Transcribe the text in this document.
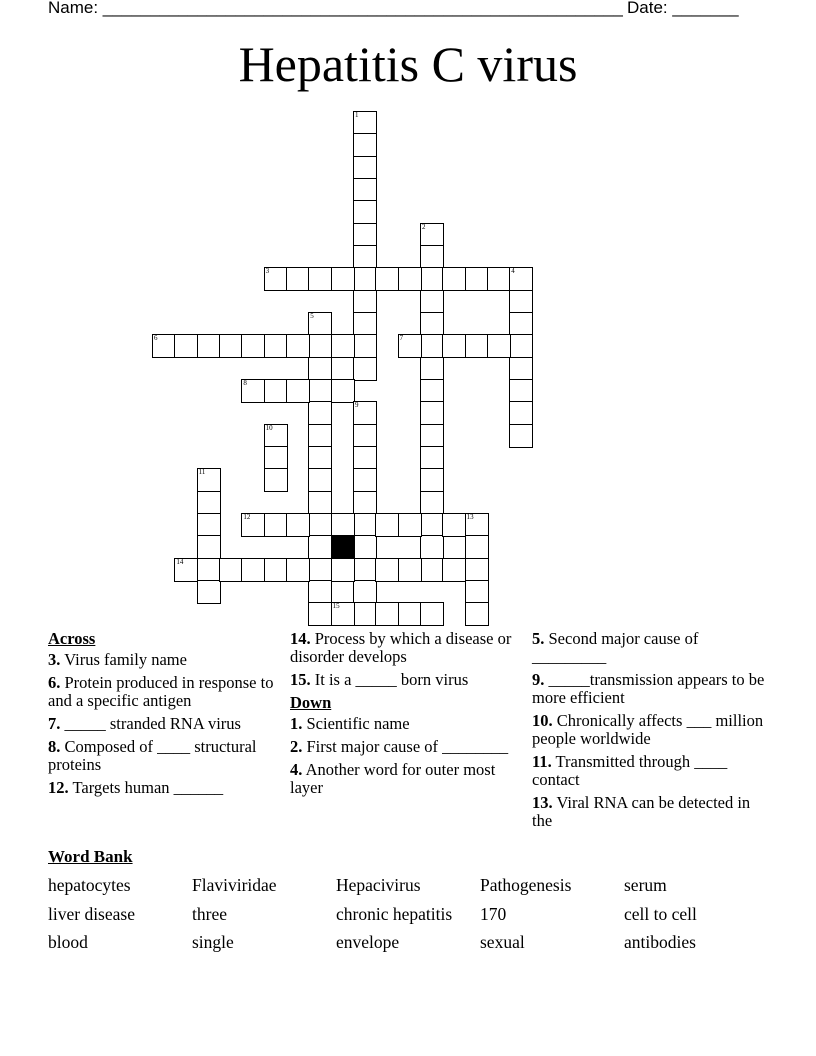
Name: _______________________________________________________ Date: _______
Hepatitis C virus
1
2
3	4
5
6	7
8
9
10
11
12	13
14
15
Across
3. Virus family name
6. Protein produced in response to and a specific antigen
7. _____ stranded RNA virus
8. Composed of ____ structural proteins
12. Targets human ______
14. Process by which a disease or disorder develops
15. It is a _____ born virus
Down
1. Scientific name
2. First major cause of ________
4. Another word for outer most layer
5. Second major cause of _________
9. _____transmission appears to be more efficient
10. Chronically affects ___ million people worldwide
11. Transmitted through ____ contact
13. Viral RNA can be detected in the
Word Bank
hepatocytes	Flaviviridae	Hepacivirus	Pathogenesis	serum
liver disease	three	chronic hepatitis 170	cell to cell
blood	single	envelope	sexual	antibodies
